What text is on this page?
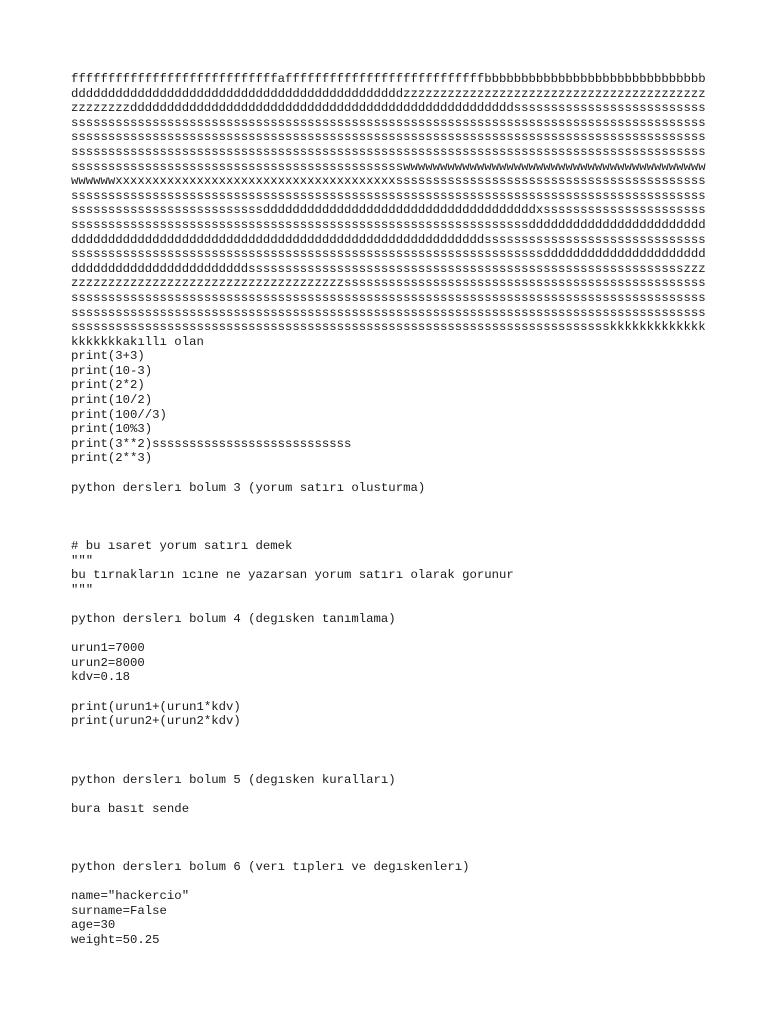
ffffffffffffffffffffffffffffafffffffffffffffffffffffffffbbbbbbbbbbbbbbbbbbbbbbbbbbbbbbdddddddddddddddddddddddddddddddddddddddddddddzzzzzzzzzzzzzzzzzzzzzzzzzzzzzzzzzzzzzzzzzzzzzzzzzddddddddddddddddddddddddddddddddddddddddddddddddddddssssssssssssssssssssssssssssssssssssssssssssssssssssssssssssssssssssssssssssssssssssssssssssssssssssssssssssssssssssssssssssssssssssssssssssssssssssssssssssssssssssssssssssssssssssssssssssssssssssssssssssssssssssssssssssssssssssssssssssssssssssssssssssssssssssssssssssssssssssssssssssssssssssssssssssssssssssssssssssssssssssssssswwwwwwwwwwwwwwwwwwwwwwwwwwwwwwwwwwwwwwwwwwwwwwwxxxxxxxxxxxxxxxxxxxxxxxxxxxxxxxxxxxxxxssssssssssssssssssssssssssssssssssssssssssssssssssssssssssssssssssssssssssssssssssssssssssssssssssssssssssssssssssssssssssssssssssssssssssssssssssssssssssdddddddddddddddddddddddddddddddddddddxssssssssssssssssssssssssssssssssssssssssssssssssssssssssssssssssssssssssssssssssssssddddddddddddddddddddddddddddddddddddddddddddddddddddddddddddddddddddddddddddddddssssssssssssssssssssssssssssssssssssssssssssssssssssssssssssssssssssssssssssssssssssssssssssssddddddddddddddddddddddddddddddddddddddddddddddssssssssssssssssssssssssssssssssssssssssssssssssssssssssssszzzzzzzzzzzzzzzzzzzzzzzzzzzzzzzzzzzzzzzzsssssssssssssssssssssssssssssssssssssssssssssssssssssssssssssssssssssssssssssssssssssssssssssssssssssssssssssssssssssssssssssssssssssssssssssssssssssssssssssssssssssssssssssssssssssssssssssssssssssssssssssssssssssssssssssssssssssssssssssssssssssssssssssssssssssssssssssssssssssssssssssssssssssskkkkkkkkkkkkkkkkkkkkakıllı olan
print(3+3)
print(10-3)
print(2*2)
print(10/2)
print(100//3)
print(10%3)
print(3**2)sssssssssssssssssssssssssss
print(2**3)
python derslerı bolum 3 (yorum satırı olusturma)
# bu ısaret yorum satırı demek
"""
bu tırnakların ıcıne ne yazarsan yorum satırı olarak gorunur
"""
python derslerı bolum 4 (degısken tanımlama)
urun1=7000
urun2=8000
kdv=0.18
print(urun1+(urun1*kdv)
print(urun2+(urun2*kdv)
python derslerı bolum 5 (degısken kuralları)
bura basıt sende
python derslerı bolum 6 (verı tıplerı ve degıskenlerı)
name="hackercio"
surname=False
age=30
weight=50.25
